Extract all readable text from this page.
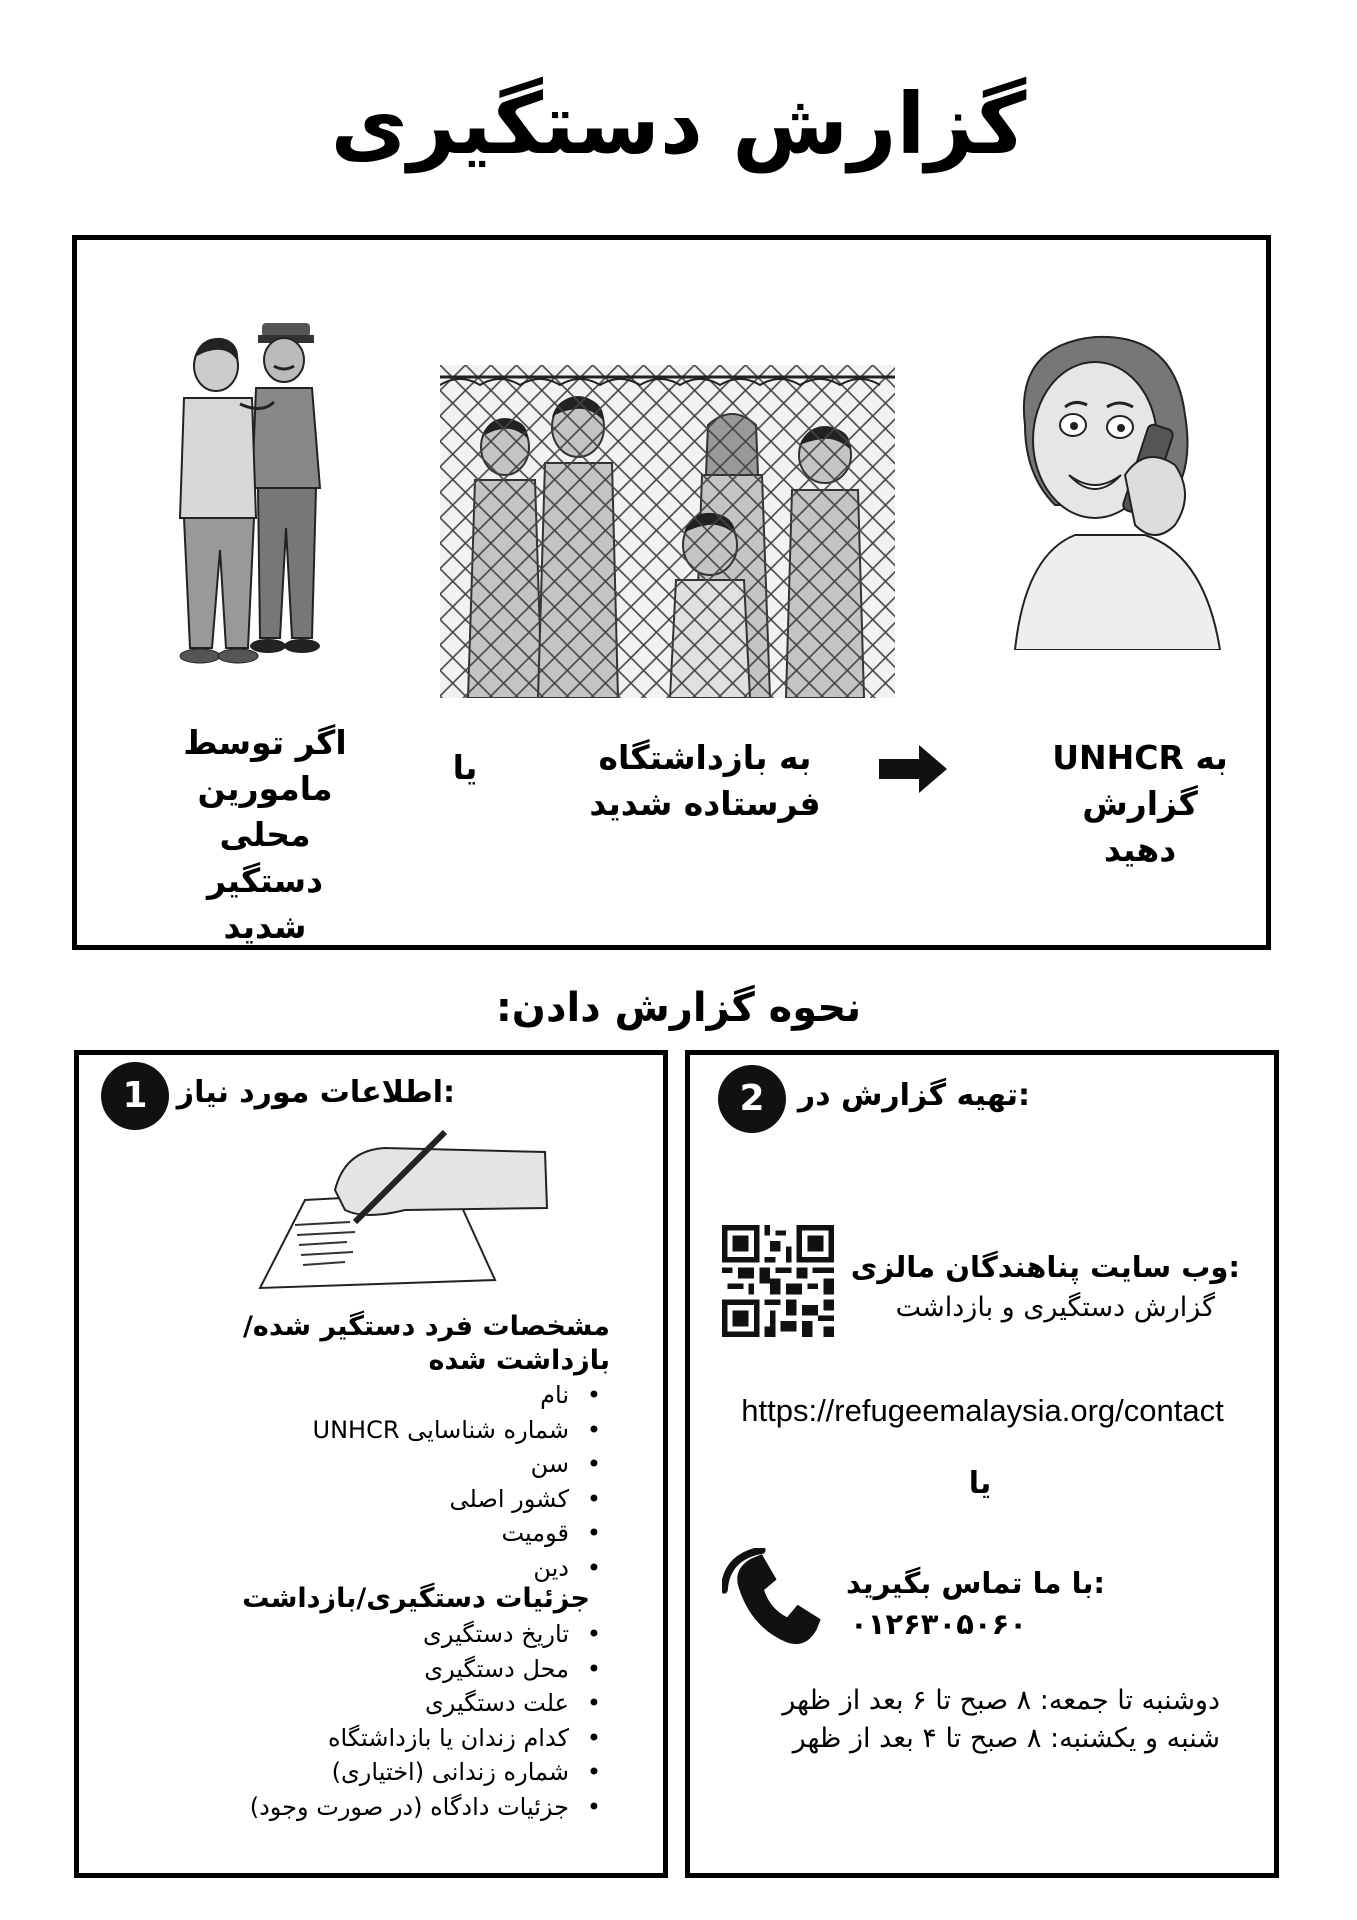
گزارش دستگیری
اگر توسط
مامورین
محلی
دستگیر
شدید
یا	به بازداشتگاه
فرستاده شدید
به UNHCR
گزارش
دهید
نحوه گزارش دادن:
1 :اطلاعات مورد نیاز
مشخصات فرد دستگیر شده/بازداشت شده
• نام
• شماره شناسایی UNHCR
• سن
• کشور اصلی
• قومیت
• دین
جزئیات دستگیری/بازداشت
• تاریخ دستگیری
• محل دستگیری
• علت دستگیری
• کدام زندان یا بازداشتگاه
• شماره زندانی (اختیاری)
• جزئیات دادگاه (در صورت وجود)
2	:تهیه گزارش در
:وب سایت پناهندگان مالزی
گزارش دستگیری و بازداشت
https://refugeemalaysia.org/contact
یا
:با ما تماس بگیرید
۰۱۲۶۳۰۵۰۶۰
دوشنبه تا جمعه: ۸ صبح تا ۶ بعد از ظهر
شنبه و یکشنبه: ۸ صبح تا ۴ بعد از ظهر
